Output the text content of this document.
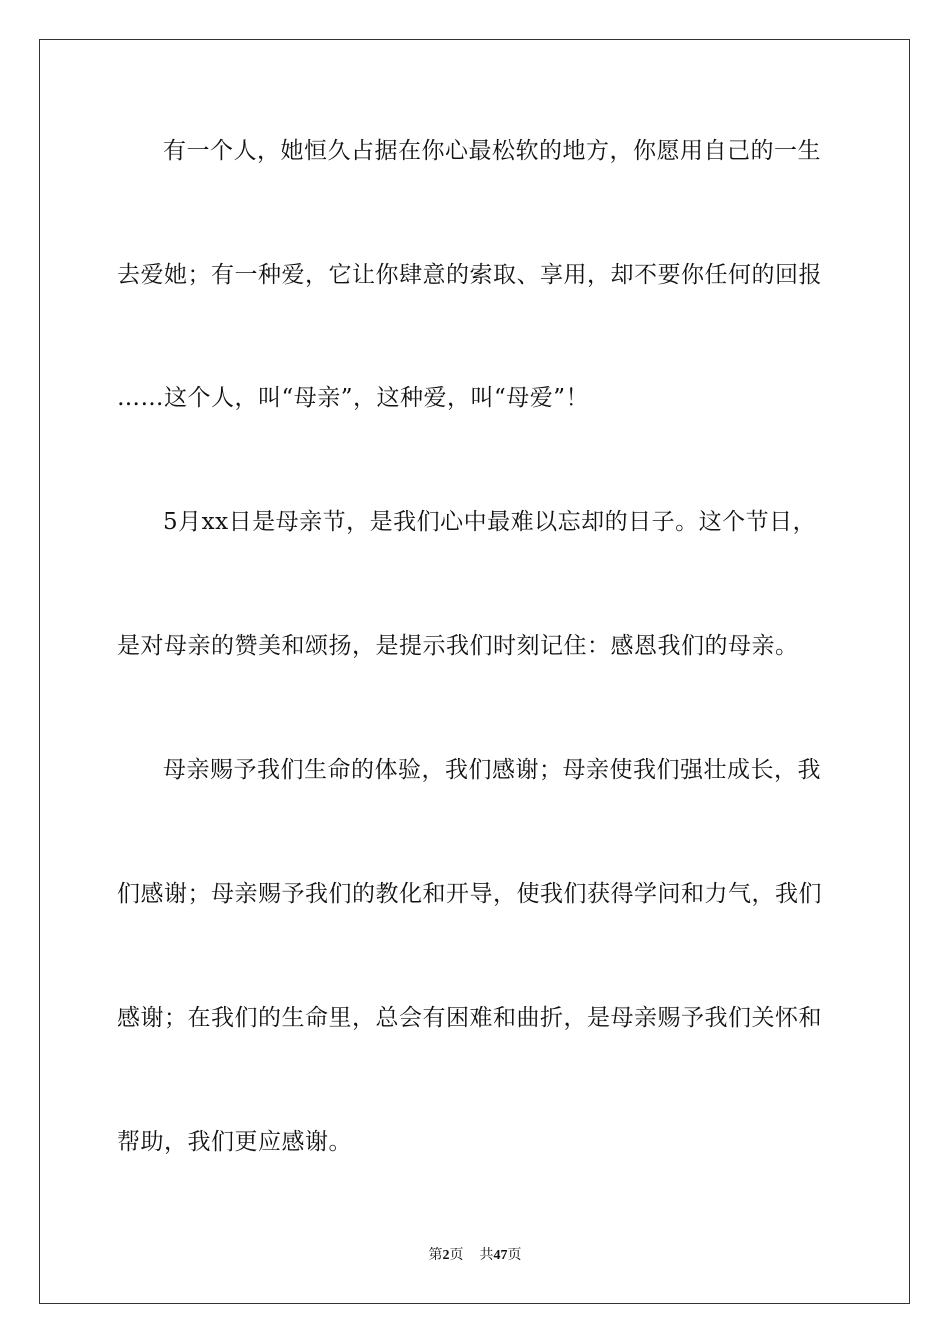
有一个人，她恒久占据在你心最松软的地方，你愿用自己的一生
去爱她；有一种爱，它让你肆意的索取、享用，却不要你任何的回报
……这个人，叫“母亲”，这种爱，叫“母爱”！
5月xx日是母亲节，是我们心中最难以忘却的日子。这个节日，
是对母亲的赞美和颂扬，是提示我们时刻记住：感恩我们的母亲。
母亲赐予我们生命的体验，我们感谢；母亲使我们强壮成长，我
们感谢；母亲赐予我们的教化和开导，使我们获得学问和力气，我们
感谢；在我们的生命里，总会有困难和曲折，是母亲赐予我们关怀和
帮助，我们更应感谢。
第2页 共47页
